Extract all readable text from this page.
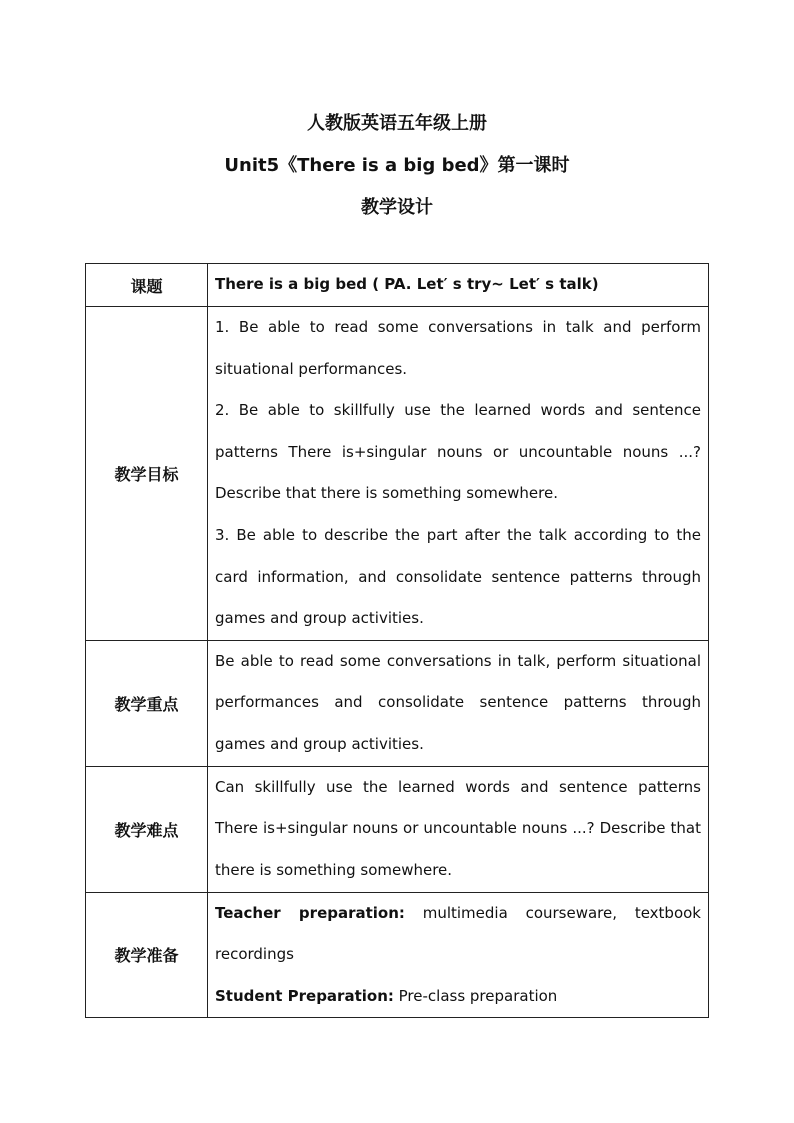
人教版英语五年级上册
Unit5《There is a big bed》第一课时
教学设计
课题	There is a big bed ( PA. Let′ s try~ Let′ s talk)
教学目标	1. Be able to read some conversations in talk and perform situational performances.
2. Be able to skillfully use the learned words and sentence patterns There is+singular nouns or uncountable nouns ...? Describe that there is something somewhere.
3. Be able to describe the part after the talk according to the card information, and consolidate sentence patterns through games and group activities.

教学重点	Be able to read some conversations in talk, perform situational performances and consolidate sentence patterns through games and group activities.
教学难点	Can skillfully use the learned words and sentence patterns There is+singular nouns or uncountable nouns ...? Describe that there is something somewhere.
教学准备	Teacher preparation: multimedia courseware, textbook recordings
Student Preparation: Pre-class preparation
